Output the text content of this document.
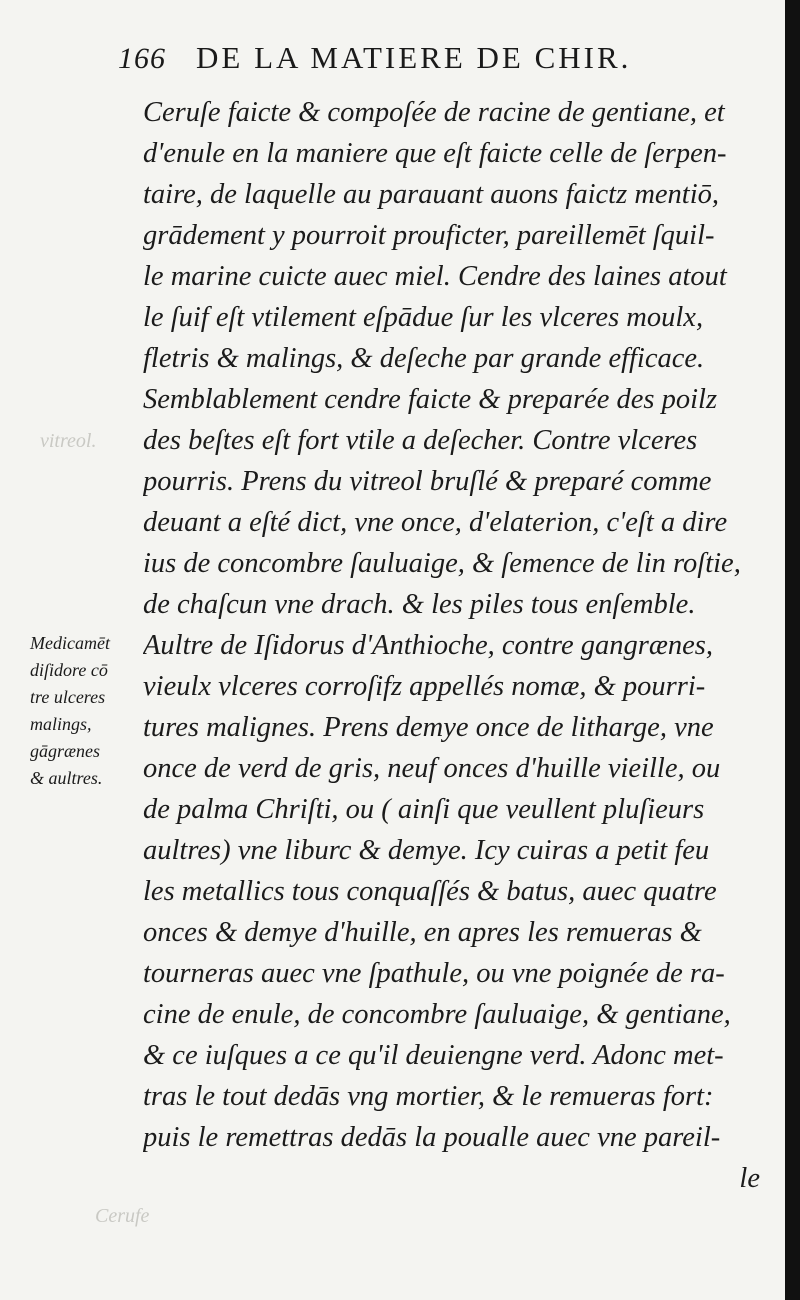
vitreol.
Cerufe
166 DE LA MATIERE DE CHIR.
Medicamēt
diſidore cō
tre ulceres
malings,
gāgrænes
& aultres.
Ceruſe faicte & compoſée de racine de gentiane, et
d'enule en la maniere que eſt faicte celle de ſerpen-
taire, de laquelle au parauant auons faictz mentiō,
grādement y pourroit prouficter, pareillemēt ſquil-
le marine cuicte auec miel. Cendre des laines atout
le ſuif eſt vtilement eſpādue ſur les vlceres moulx,
fletris & malings, & deſeche par grande efficace.
Semblablement cendre faicte & preparée des poilz
des beſtes eſt fort vtile a deſecher. Contre vlceres
pourris. Prens du vitreol bruſlé & preparé comme
deuant a eſté dict, vne once, d'elaterion, c'eſt a dire
ius de concombre ſauluaige, & ſemence de lin roſtie,
de chaſcun vne drach. & les piles tous enſemble.
Aultre de Iſidorus d'Anthioche, contre gangrænes,
vieulx vlceres corroſifz appellés nomæ, & pourri-
tures malignes. Prens demye once de litharge, vne
once de verd de gris, neuf onces d'huille vieille, ou
de palma Chriſti, ou ( ainſi que veullent pluſieurs
aultres) vne liburc & demye. Icy cuiras a petit feu
les metallics tous conquaſſés & batus, auec quatre
onces & demye d'huille, en apres les remueras &
tourneras auec vne ſpathule, ou vne poignée de ra-
cine de enule, de concombre ſauluaige, & gentiane,
& ce iuſques a ce qu'il deuiengne verd. Adonc met-
tras le tout dedās vng mortier, & le remueras fort:
puis le remettras dedās la poualle auec vne pareil-
le
